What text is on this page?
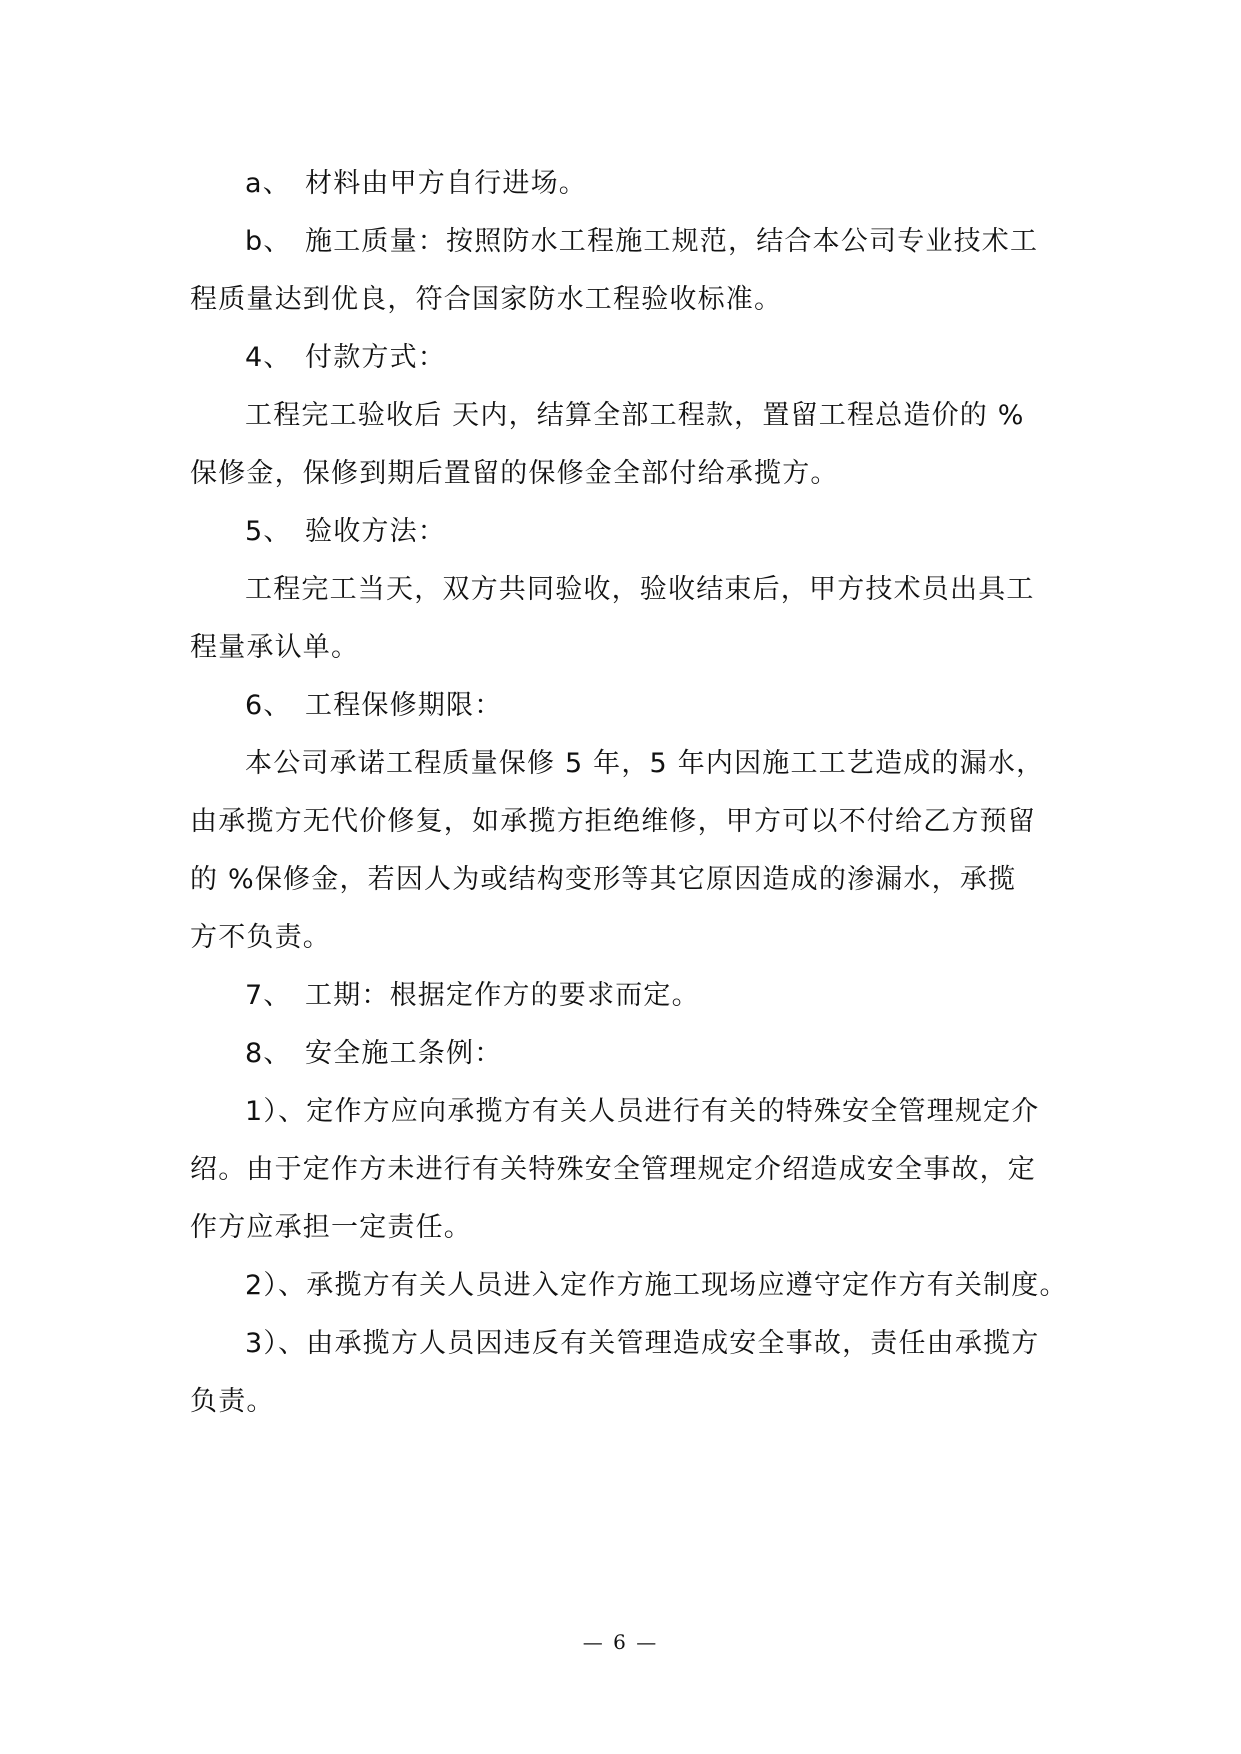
a、 材料由甲方自行进场。
b、 施工质量：按照防水工程施工规范，结合本公司专业技术工
程质量达到优良，符合国家防水工程验收标准。
4、 付款方式：
工程完工验收后 天内，结算全部工程款，置留工程总造价的 %
保修金，保修到期后置留的保修金全部付给承揽方。
5、 验收方法：
工程完工当天，双方共同验收，验收结束后，甲方技术员出具工
程量承认单。
6、 工程保修期限：
本公司承诺工程质量保修 5 年，5 年内因施工工艺造成的漏水，
由承揽方无代价修复，如承揽方拒绝维修，甲方可以不付给乙方预留
的 %保修金，若因人为或结构变形等其它原因造成的渗漏水，承揽
方不负责。
7、 工期：根据定作方的要求而定。
8、 安全施工条例：
1）、定作方应向承揽方有关人员进行有关的特殊安全管理规定介
绍。由于定作方未进行有关特殊安全管理规定介绍造成安全事故，定
作方应承担一定责任。
2）、承揽方有关人员进入定作方施工现场应遵守定作方有关制度。
3）、由承揽方人员因违反有关管理造成安全事故，责任由承揽方
负责。
— 6 —
